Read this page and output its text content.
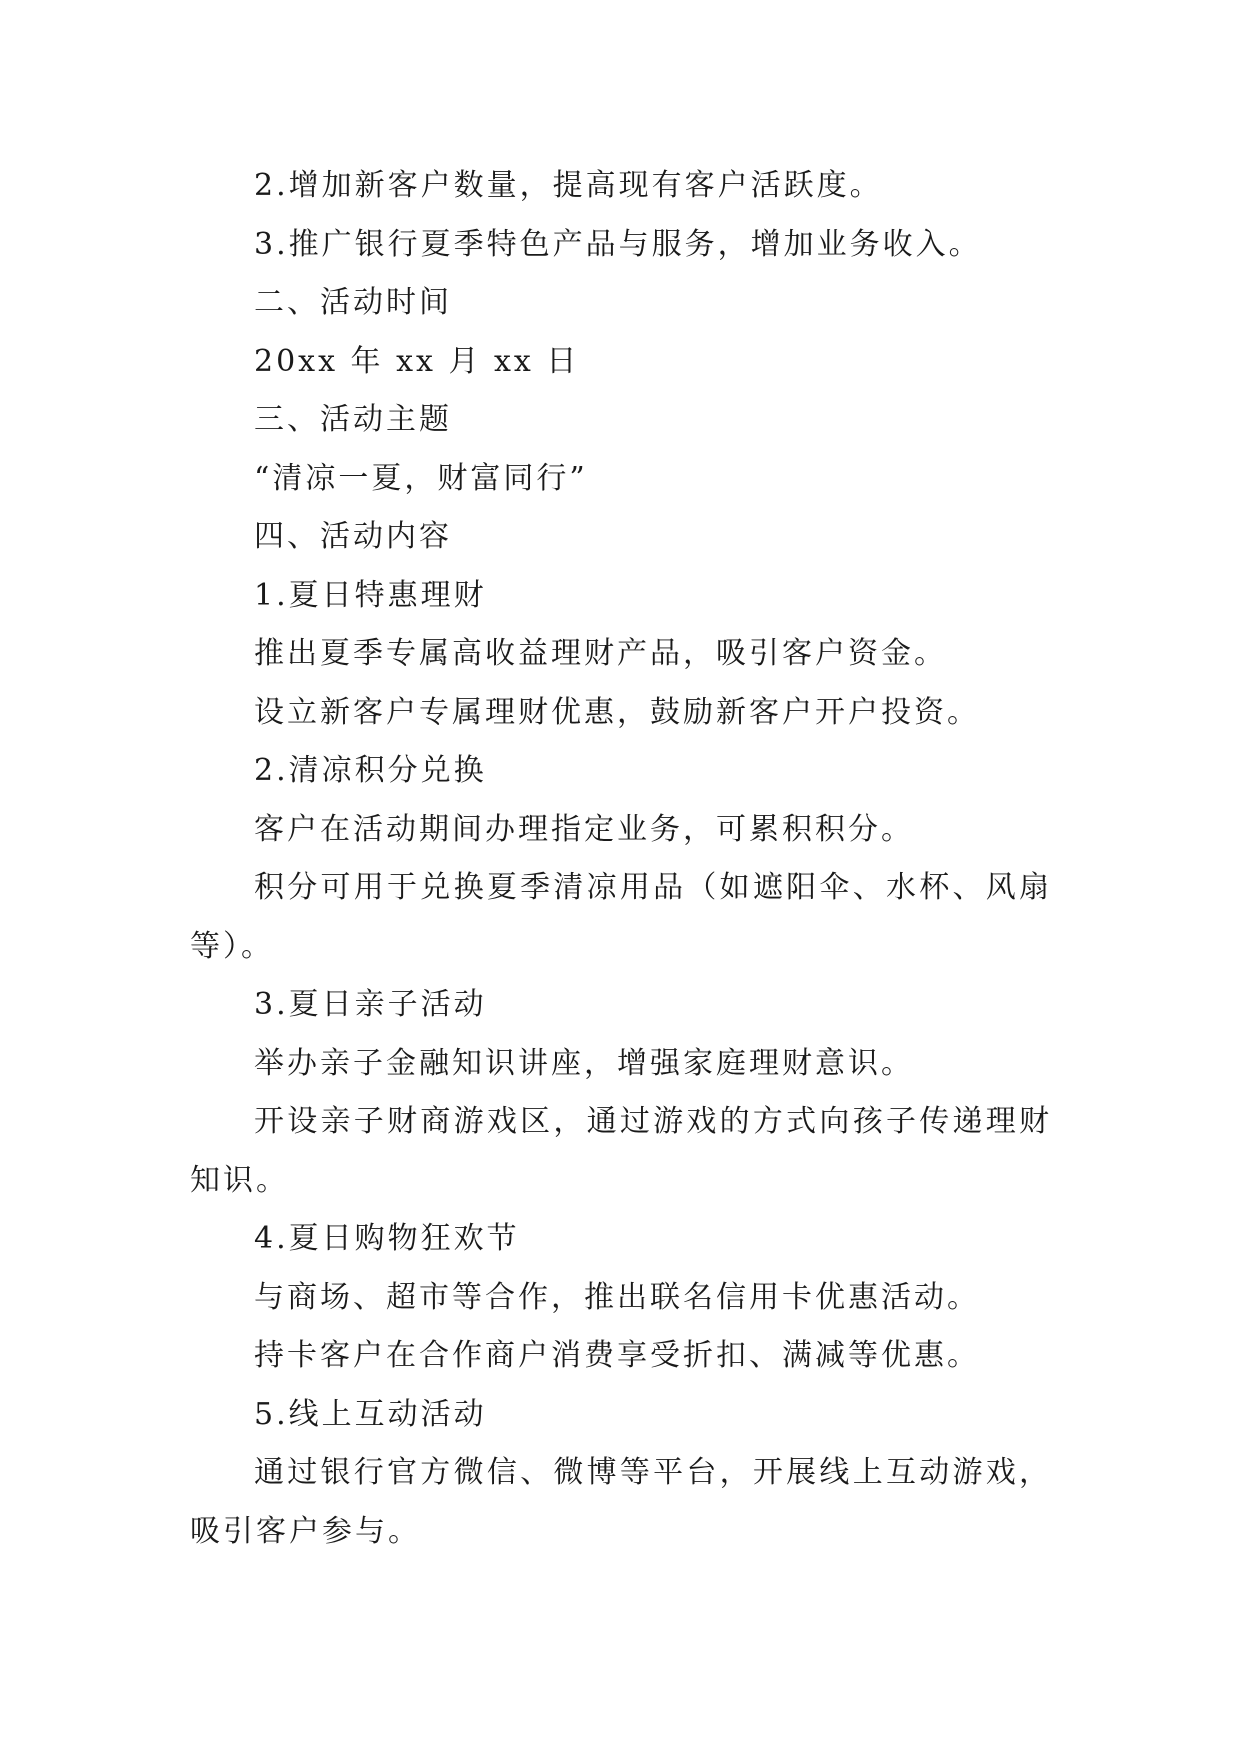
2.增加新客户数量，提高现有客户活跃度。

3.推广银行夏季特色产品与服务，增加业务收入。

二、活动时间

20xx 年 xx 月 xx 日

三、活动主题

“清凉一夏，财富同行”

四、活动内容

1.夏日特惠理财

推出夏季专属高收益理财产品，吸引客户资金。

设立新客户专属理财优惠，鼓励新客户开户投资。

2.清凉积分兑换

客户在活动期间办理指定业务，可累积积分。

积分可用于兑换夏季清凉用品（如遮阳伞、水杯、风扇等）。

3.夏日亲子活动

举办亲子金融知识讲座，增强家庭理财意识。

开设亲子财商游戏区，通过游戏的方式向孩子传递理财知识。

4.夏日购物狂欢节

与商场、超市等合作，推出联名信用卡优惠活动。

持卡客户在合作商户消费享受折扣、满减等优惠。

5.线上互动活动

通过银行官方微信、微博等平台，开展线上互动游戏，吸引客户参与。
